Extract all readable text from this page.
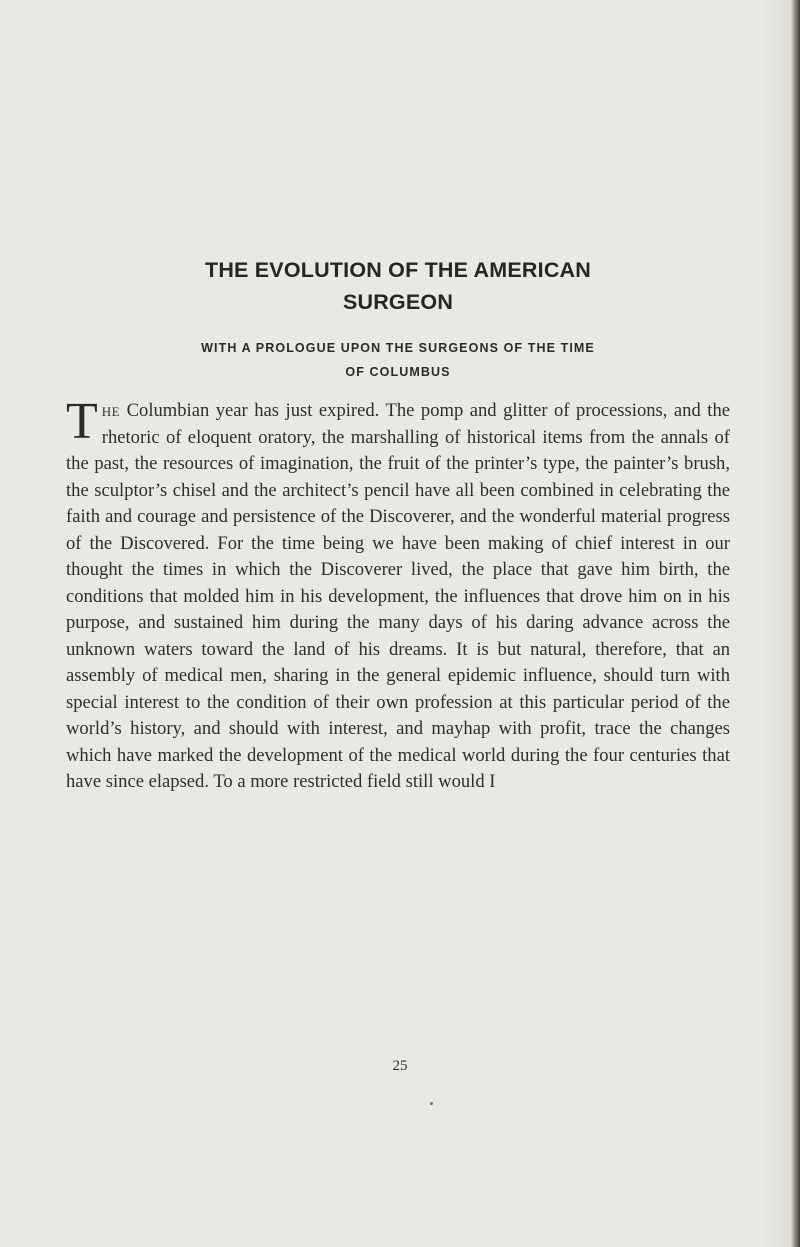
THE EVOLUTION OF THE AMERICAN
SURGEON

WITH A PROLOGUE UPON THE SURGEONS OF THE TIME
OF COLUMBUS

The Columbian year has just expired. The pomp and glitter of processions, and the rhetoric of eloquent oratory, the marshalling of historical items from the annals of the past, the resources of imagination, the fruit of the printer’s type, the painter’s brush, the sculptor’s chisel and the architect’s pencil have all been combined in celebrating the faith and courage and persistence of the Discoverer, and the wonderful material progress of the Discovered. For the time being we have been making of chief interest in our thought the times in which the Discoverer lived, the place that gave him birth, the conditions that molded him in his development, the influences that drove him on in his purpose, and sustained him during the many days of his daring advance across the unknown waters toward the land of his dreams. It is but natural, therefore, that an assembly of medical men, sharing in the general epidemic influence, should turn with special interest to the condition of their own profession at this particular period of the world’s history, and should with interest, and mayhap with profit, trace the changes which have marked the development of the medical world during the four centuries that have since elapsed. To a more restricted field still would I

25
